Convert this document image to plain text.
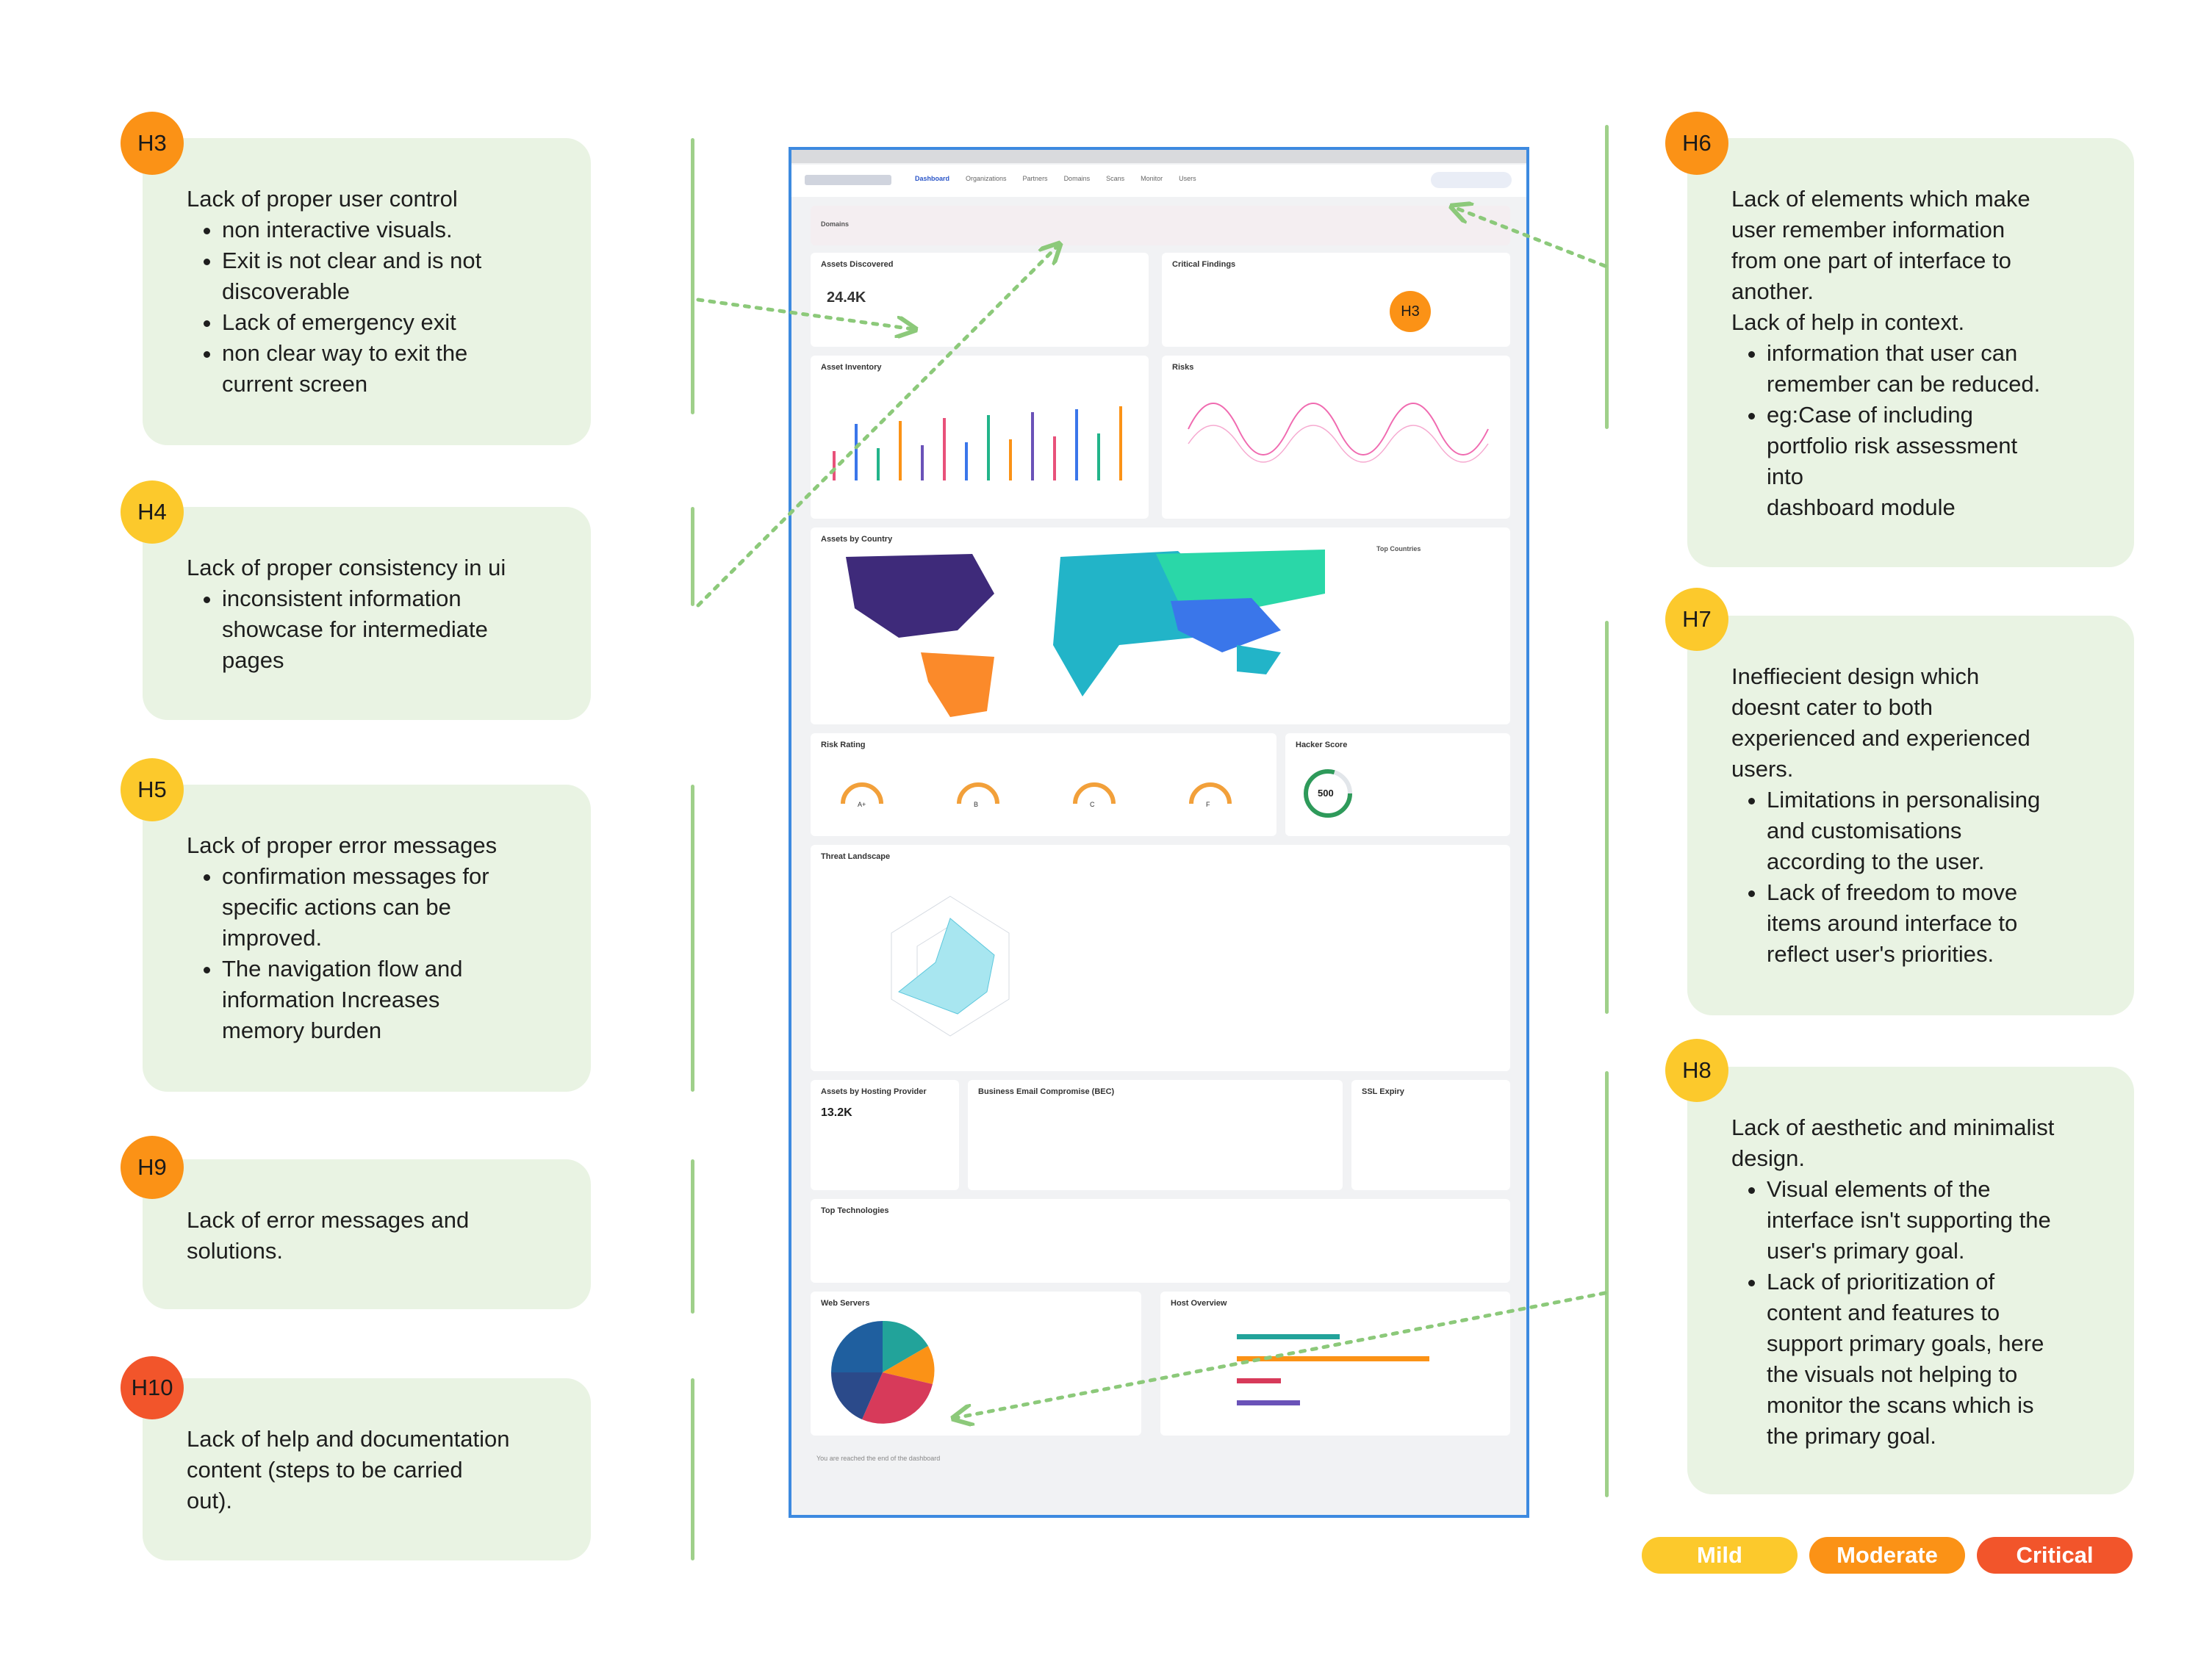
Lack of proper user control

• non interactive visuals.
• Exit is not clear and is not
discoverable
• Lack of emergency exit
• non clear way to exit the
current screen

Lack of proper consistency in ui

• inconsistent information
showcase for intermediate
pages

Lack of proper error messages

• confirmation messages for
specific actions can be
improved.
• The navigation flow and
information Increases
memory burden

Lack of error messages and
solutions.

Lack of help and documentation
content (steps to be carried
out).

Lack of elements which make
user remember information
from one part of interface to
another.
Lack of help in context.

• information that user can
remember can be reduced.
• eg:Case of including
portfolio risk assessment
into
dashboard module

Ineffiecient design which
doesnt cater to both
experienced and experienced
users.

• Limitations in personalising
and customisations
according to the user.
• Lack of freedom to move
items around interface to
reflect user's priorities.

Lack of aesthetic and minimalist
design.

• Visual elements of the
interface isn't supporting the
user's primary goal.
• Lack of prioritization of
content and features to
support primary goals, here
the visuals not helping to
monitor the scans which is
the primary goal.
H3
H4
H5
H9
H10
H6
H7
H8
Mild	Moderate	Critical
Dashboard Organizations Partners Domains Scans Monitor Users
Domains
Assets Discovered
24.4K
Critical Findings
H3
Asset Inventory	Risks
Assets by Country
Top Countries
Risk Rating
A+	B	C	F
Hacker Score
500
Threat Landscape
Assets by Hosting Provider
13.2K
Business Email Compromise (BEC)	SSL Expiry
Top Technologies
Web Servers	Host Overview
You are reached the end of the dashboard
